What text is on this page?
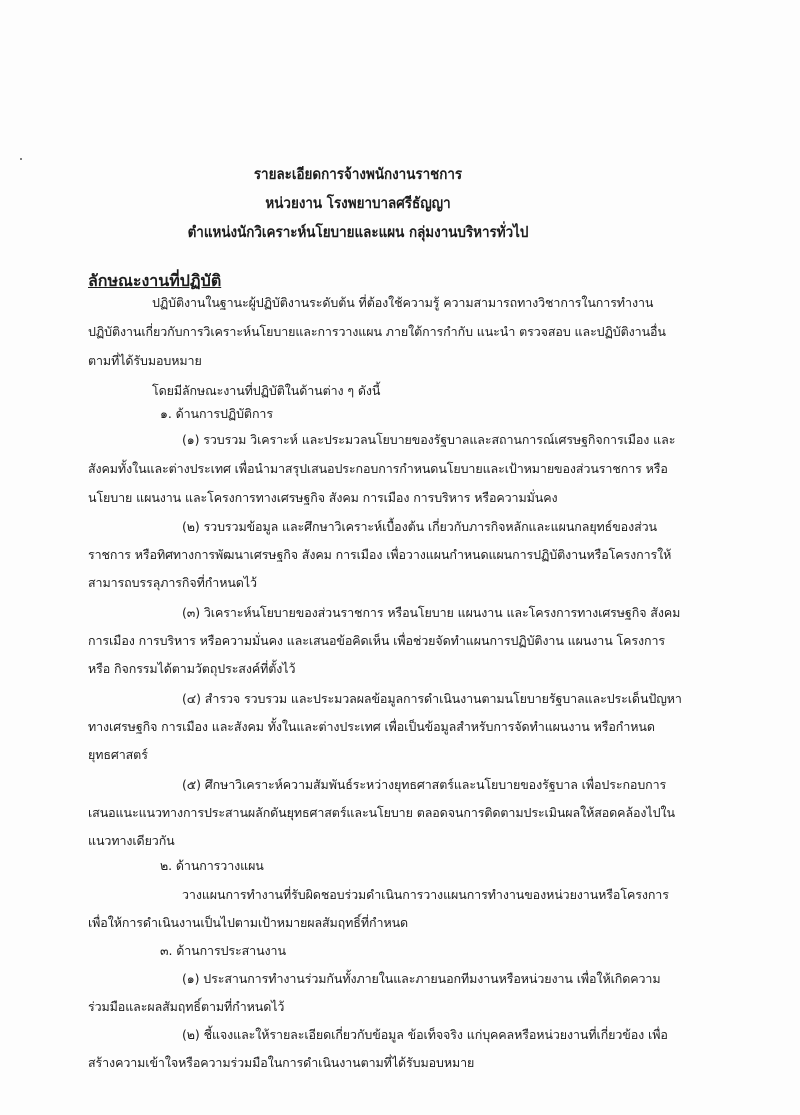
รายละเอียดการจ้างพนักงานราชการ
หน่วยงาน โรงพยาบาลศรีธัญญา
ตำแหน่งนักวิเคราะห์นโยบายและแผน กลุ่มงานบริหารทั่วไป
ลักษณะงานที่ปฏิบัติ
ปฏิบัติงานในฐานะผู้ปฏิบัติงานระดับต้น ที่ต้องใช้ความรู้ ความสามารถทางวิชาการในการทำงาน
ปฏิบัติงานเกี่ยวกับการวิเคราะห์นโยบายและการวางแผน ภายใต้การกำกับ แนะนำ ตรวจสอบ และปฏิบัติงานอื่น
ตามที่ได้รับมอบหมาย
โดยมีลักษณะงานที่ปฏิบัติในด้านต่าง ๆ ดังนี้
๑. ด้านการปฏิบัติการ
(๑) รวบรวม วิเคราะห์ และประมวลนโยบายของรัฐบาลและสถานการณ์เศรษฐกิจการเมือง และ
สังคมทั้งในและต่างประเทศ เพื่อนำมาสรุปเสนอประกอบการกำหนดนโยบายและเป้าหมายของส่วนราชการ หรือ
นโยบาย แผนงาน และโครงการทางเศรษฐกิจ สังคม การเมือง การบริหาร หรือความมั่นคง
(๒) รวบรวมข้อมูล และศึกษาวิเคราะห์เบื้องต้น เกี่ยวกับภารกิจหลักและแผนกลยุทธ์ของส่วน
ราชการ หรือทิศทางการพัฒนาเศรษฐกิจ สังคม การเมือง เพื่อวางแผนกำหนดแผนการปฏิบัติงานหรือโครงการให้
สามารถบรรลุภารกิจที่กำหนดไว้
(๓) วิเคราะห์นโยบายของส่วนราชการ หรือนโยบาย แผนงาน และโครงการทางเศรษฐกิจ สังคม
การเมือง การบริหาร หรือความมั่นคง และเสนอข้อคิดเห็น เพื่อช่วยจัดทำแผนการปฏิบัติงาน แผนงาน โครงการ
หรือ กิจกรรมได้ตามวัตถุประสงค์ที่ตั้งไว้
(๔) สำรวจ รวบรวม และประมวลผลข้อมูลการดำเนินงานตามนโยบายรัฐบาลและประเด็นปัญหา
ทางเศรษฐกิจ การเมือง และสังคม ทั้งในและต่างประเทศ เพื่อเป็นข้อมูลสำหรับการจัดทำแผนงาน หรือกำหนด
ยุทธศาสตร์
(๕) ศึกษาวิเคราะห์ความสัมพันธ์ระหว่างยุทธศาสตร์และนโยบายของรัฐบาล เพื่อประกอบการ
เสนอแนะแนวทางการประสานผลักดันยุทธศาสตร์และนโยบาย ตลอดจนการติดตามประเมินผลให้สอดคล้องไปใน
แนวทางเดียวกัน
๒. ด้านการวางแผน
วางแผนการทำงานที่รับผิดชอบร่วมดำเนินการวางแผนการทำงานของหน่วยงานหรือโครงการ
เพื่อให้การดำเนินงานเป็นไปตามเป้าหมายผลสัมฤทธิ์ที่กำหนด
๓. ด้านการประสานงาน
(๑) ประสานการทำงานร่วมกันทั้งภายในและภายนอกทีมงานหรือหน่วยงาน เพื่อให้เกิดความ
ร่วมมือและผลสัมฤทธิ์ตามที่กำหนดไว้
(๒) ชี้แจงและให้รายละเอียดเกี่ยวกับข้อมูล ข้อเท็จจริง แก่บุคคลหรือหน่วยงานที่เกี่ยวข้อง เพื่อ
สร้างความเข้าใจหรือความร่วมมือในการดำเนินงานตามที่ได้รับมอบหมาย
